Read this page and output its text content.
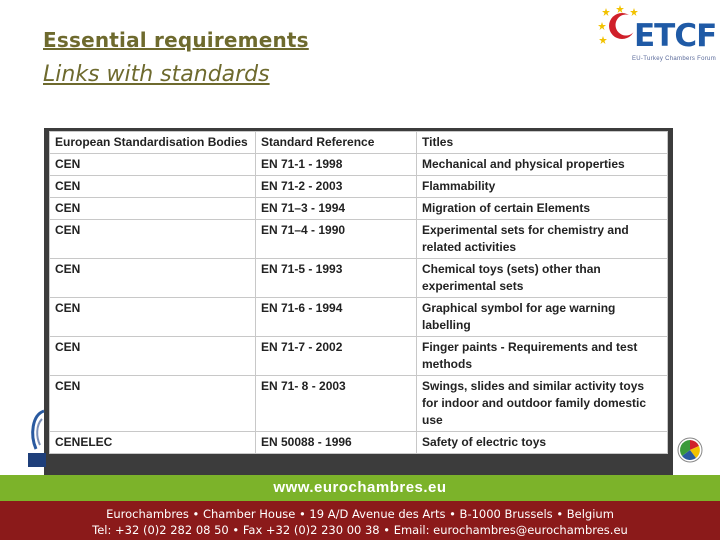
Essential requirements
Links with standards
ETCF
EU-Turkey Chambers Forum
European Standardisation Bodies	Standard Reference	Titles
CEN	EN 71-1 - 1998	Mechanical and physical properties
CEN	EN 71-2 - 2003	Flammability
CEN	EN 71–3 - 1994	Migration of certain Elements
CEN	EN 71–4 - 1990	Experimental sets for chemistry and related activities
CEN	EN 71-5 - 1993	Chemical toys (sets) other than experimental sets
CEN	EN 71-6 - 1994	Graphical symbol for age warning labelling
CEN	EN 71-7 - 2002	Finger paints - Requirements and test methods
CEN	EN 71- 8 - 2003	Swings, slides and similar activity toys for indoor and outdoor family domestic use
CENELEC	EN 50088 - 1996	Safety of electric toys
www.eurochambres.eu
Eurochambres • Chamber House • 19 A/D Avenue des Arts • B-1000 Brussels • Belgium
Tel: +32 (0)2 282 08 50 • Fax +32 (0)2 230 00 38 • Email: eurochambres@eurochambres.eu
